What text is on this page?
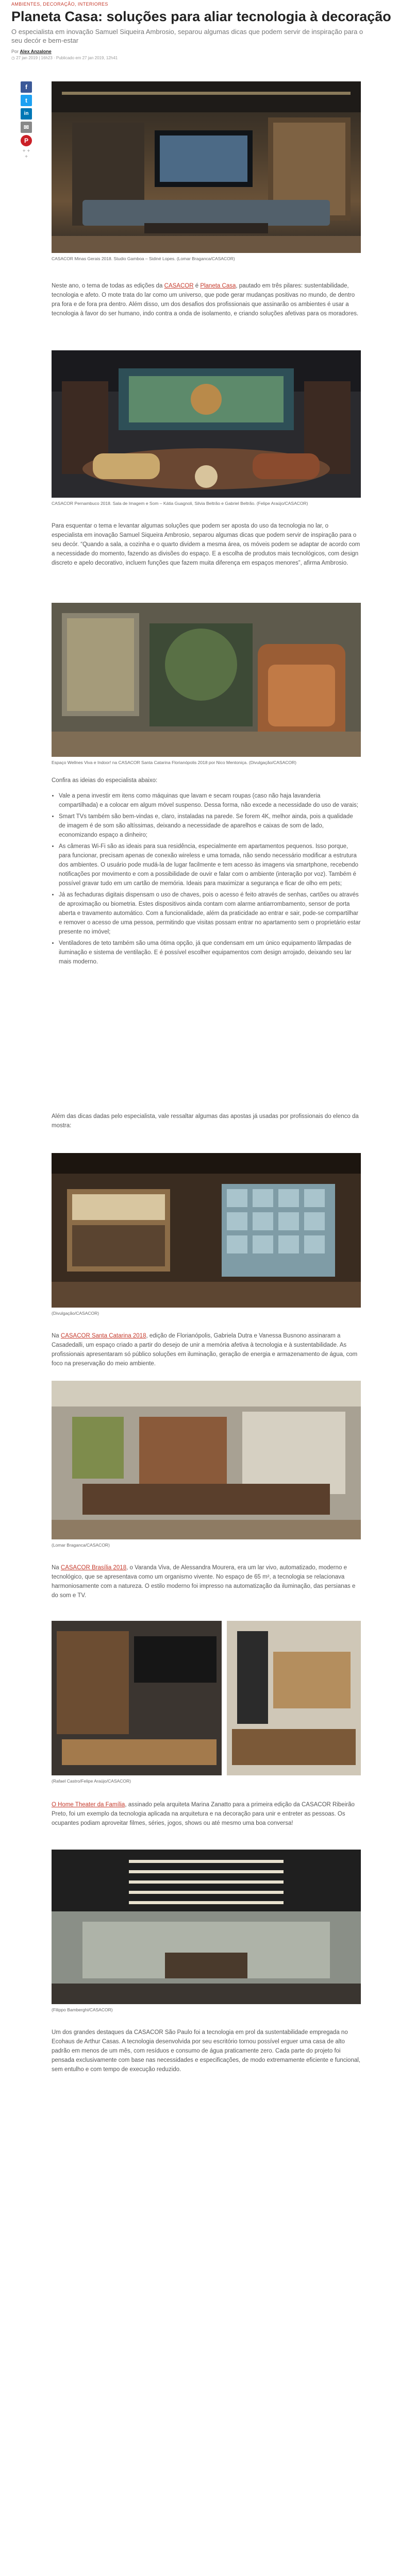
AMBIENTES, DECORAÇÃO, INTERIORES
Planeta Casa: soluções para aliar tecnologia à decoração

O especialista em inovação Samuel Siqueira Ambrosio, separou algumas dicas que podem servir de inspiração para o seu decór e bem-estar

Por Alex Anzalone
◷ 27 jan 2019 | 16h23 · Publicado em 27 jan 2019, 12h41
f
t
in
✉
P
+ + +
CASACOR Minas Gerais 2018. Studio Gamboa – Sidiné Lopes. (Lomar Braganca/CASACOR)

Neste ano, o tema de todas as edições da CASACOR é Planeta Casa, pautado em três pilares: sustentabilidade, tecnologia e afeto. O mote trata do lar como um universo, que pode gerar mudanças positivas no mundo, de dentro pra fora e de fora pra dentro. Além disso, um dos desafios dos profissionais que assinarão os ambientes é usar a tecnologia à favor do ser humano, indo contra a onda de isolamento, e criando soluções afetivas para os moradores.

CASACOR Pernambuco 2018. Sala de Imagem e Som – Kátia Guagnoli, Silvia Beltrão e Gabriel Beltrão. (Felipe Araújo/CASACOR)

Para esquentar o tema e levantar algumas soluções que podem ser aposta do uso da tecnologia no lar, o especialista em inovação Samuel Siqueira Ambrosio, separou algumas dicas que podem servir de inspiração para o seu decór. “Quando a sala, a cozinha e o quarto dividem a mesma área, os móveis podem se adaptar de acordo com a necessidade do momento, fazendo as divisões do espaço. E a escolha de produtos mais tecnológicos, com design discreto e apelo decorativo, incluem funções que fazem muita diferença em espaços menores”, afirma Ambrosio.

Espaço Wellnes Viva e Indoor! na CASACOR Santa Catarina Florianópolis 2018 por Nico Mentoniça. (Divulgação/CASACOR)

Confira as ideias do especialista abaixo:

• Vale a pena investir em itens como máquinas que lavam e secam roupas (caso não haja lavanderia compartilhada) e a colocar em algum móvel suspenso. Dessa forma, não excede a necessidade do uso de varais;
• Smart TVs também são bem-vindas e, claro, instaladas na parede. Se forem 4K, melhor ainda, pois a qualidade de imagem é de som são altíssimas, deixando a necessidade de aparelhos e caixas de som de lado, economizando espaço a dinheiro;
• As câmeras Wi-Fi são as ideais para sua residência, especialmente em apartamentos pequenos. Isso porque, para funcionar, precisam apenas de conexão wireless e uma tomada, não sendo necessário modificar a estrutura dos ambientes. O usuário pode mudá-la de lugar facilmente e tem acesso às imagens via smartphone, recebendo notificações por movimento e com a possibilidade de ouvir e falar com o ambiente (interação por voz). Também é possível gravar tudo em um cartão de memória. Ideais para maximizar a segurança e ficar de olho em pets;
• Já as fechaduras digitais dispensam o uso de chaves, pois o acesso é feito através de senhas, cartões ou através de aproximação ou biometria. Estes dispositivos ainda contam com alarme antiarrombamento, sensor de porta aberta e travamento automático. Com a funcionalidade, além da praticidade ao entrar e sair, pode-se compartilhar e remover o acesso de uma pessoa, permitindo que visitas possam entrar no apartamento sem o proprietário estar presente no imóvel;
• Ventiladores de teto também são uma ótima opção, já que condensam em um único equipamento lâmpadas de iluminação e sistema de ventilação. E é possível escolher equipamentos com design arrojado, deixando seu lar mais moderno.

Além das dicas dadas pelo especialista, vale ressaltar algumas das apostas já usadas por profissionais do elenco da mostra:

(Divulgação/CASACOR)

Na CASACOR Santa Catarina 2018, edição de Florianópolis, Gabriela Dutra e Vanessa Busnono assinaram a Casadedalli, um espaço criado a partir do desejo de unir a memória afetiva à tecnologia e à sustentabilidade. As profissionais apresentaram só público soluções em iluminação, geração de energia e armazenamento de água, com foco na preservação do meio ambiente.

(Lomar Braganca/CASACOR)

Na CASACOR Brasília 2018, o Varanda Viva, de Alessandra Mourera, era um lar vivo, automatizado, moderno e tecnológico, que se apresentava como um organismo vivente. No espaço de 65 m², a tecnologia se relacionava harmoniosamente com a natureza. O estilo moderno foi impresso na automatização da iluminação, das persianas e do som e TV.

(Rafael Castro/Felipe Araújo/CASACOR)

O Home Theater da Família, assinado pela arquiteta Marina Zanatto para a primeira edição da CASACOR Ribeirão Preto, foi um exemplo da tecnologia aplicada na arquitetura e na decoração para unir e entreter as pessoas. Os ocupantes podiam aproveitar filmes, séries, jogos, shows ou até mesmo uma boa conversa!

(Filippo Bamberghi/CASACOR)

Um dos grandes destaques da CASACOR São Paulo foi a tecnologia em prol da sustentabilidade empregada no Ecohaus de Arthur Casas. A tecnologia desenvolvida por seu escritório tornou possível erguer uma casa de alto padrão em menos de um mês, com resíduos e consumo de água praticamente zero. Cada parte do projeto foi pensada exclusivamente com base nas necessidades e especificações, de modo extremamente eficiente e funcional, sem entulho e com tempo de execução reduzido.
